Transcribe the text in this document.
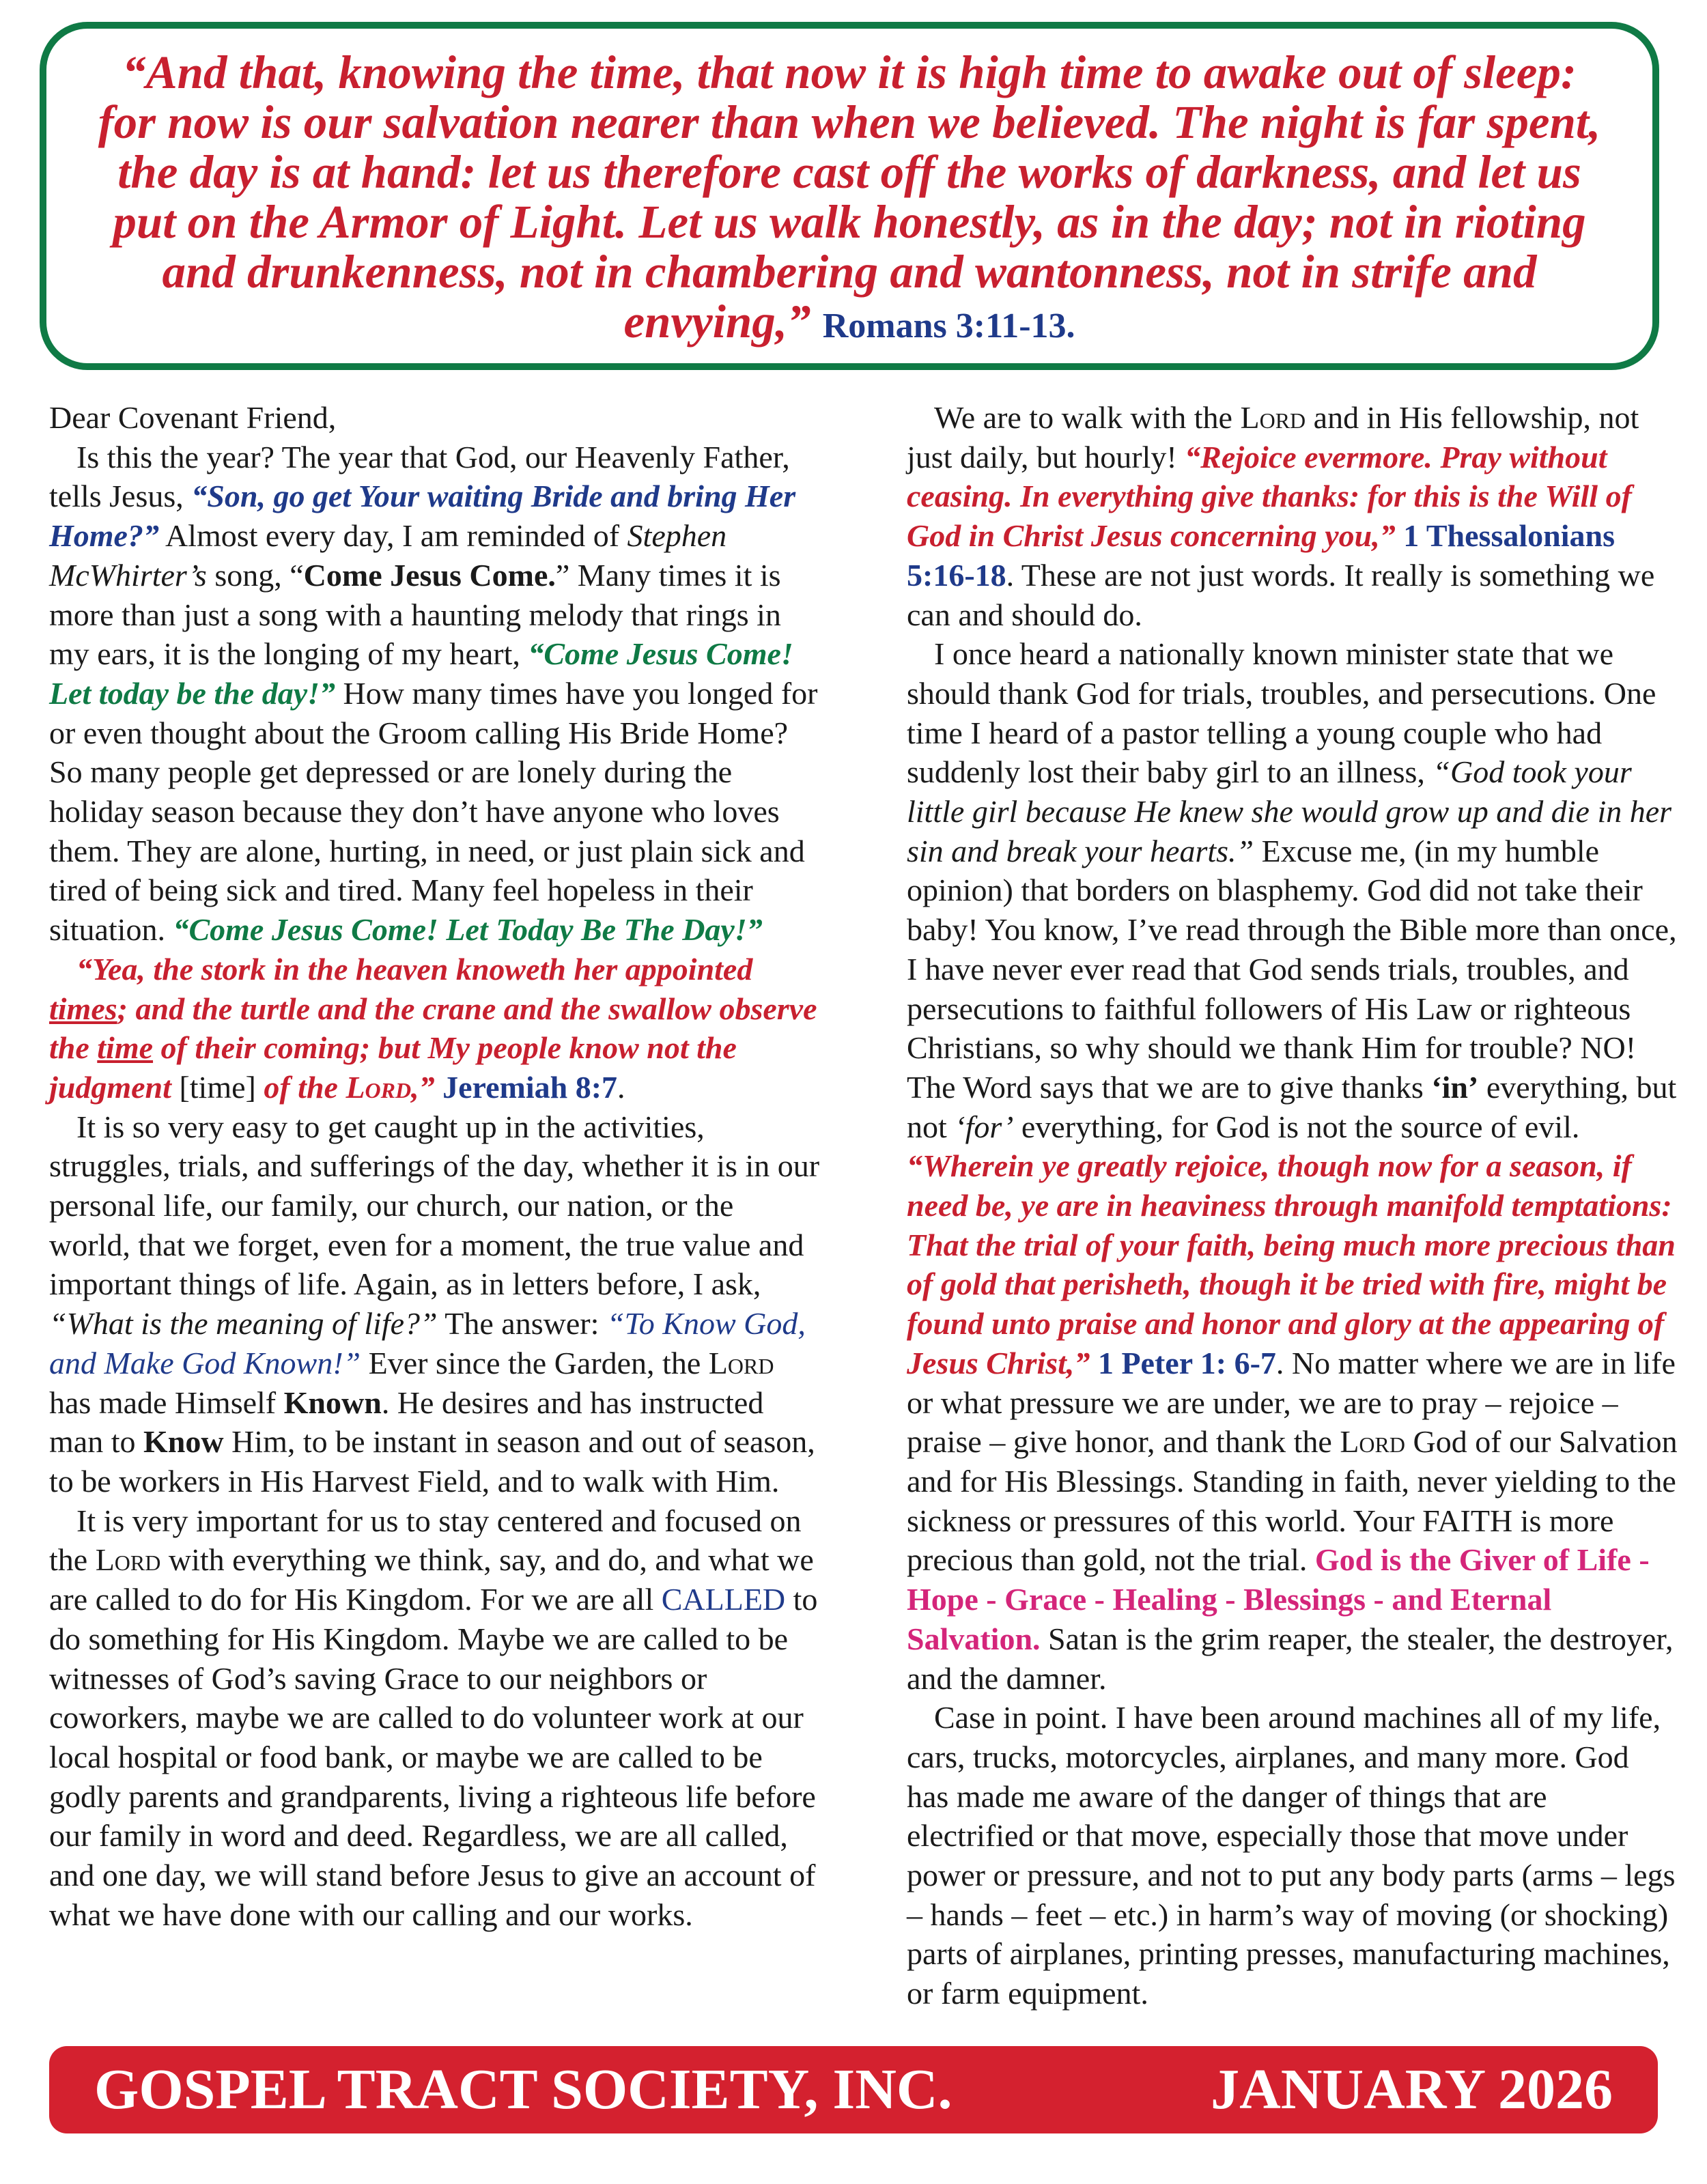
“And that, knowing the time, that now it is high time to awake out of sleep: for now is our salvation nearer than when we believed. The night is far spent, the day is at hand: let us therefore cast off the works of darkness, and let us put on the Armor of Light. Let us walk honestly, as in the day; not in rioting and drunkenness, not in chambering and wantonness, not in strife and envying,” Romans 3:11-13.

Dear Covenant Friend,

Is this the year? The year that God, our Heavenly Father, tells Jesus, “Son, go get Your waiting Bride and bring Her Home?” Almost every day, I am reminded of Stephen McWhirter’s song, “Come Jesus Come.” Many times it is more than just a song with a haunting melody that rings in my ears, it is the longing of my heart, “Come Jesus Come! Let today be the day!” How many times have you longed for or even thought about the Groom calling His Bride Home? So many people get depressed or are lonely during the holiday season because they don’t have anyone who loves them. They are alone, hurting, in need, or just plain sick and tired of being sick and tired. Many feel hopeless in their situation. “Come Jesus Come! Let Today Be The Day!”

“Yea, the stork in the heaven knoweth her appointed times; and the turtle and the crane and the swallow observe the time of their coming; but My people know not the judgment [time] of the Lord,” Jeremiah 8:7.

It is so very easy to get caught up in the activities, struggles, trials, and sufferings of the day, whether it is in our personal life, our family, our church, our nation, or the world, that we forget, even for a moment, the true value and important things of life. Again, as in letters before, I ask, “What is the meaning of life?” The answer: “To Know God, and Make God Known!” Ever since the Garden, the Lord has made Himself Known. He desires and has instructed man to Know Him, to be instant in season and out of season, to be workers in His Harvest Field, and to walk with Him.

It is very important for us to stay centered and focused on the Lord with everything we think, say, and do, and what we are called to do for His Kingdom. For we are all CALLED to do something for His Kingdom. Maybe we are called to be witnesses of God’s saving Grace to our neighbors or coworkers, maybe we are called to do volunteer work at our local hospital or food bank, or maybe we are called to be godly parents and grandparents, living a righteous life before our family in word and deed. Regardless, we are all called, and one day, we will stand before Jesus to give an account of what we have done with our calling and our works.

We are to walk with the Lord and in His fellowship, not just daily, but hourly! “Rejoice evermore. Pray without ceasing. In everything give thanks: for this is the Will of God in Christ Jesus concerning you,” 1 Thessalonians 5:16-18. These are not just words. It really is something we can and should do.

I once heard a nationally known minister state that we should thank God for trials, troubles, and persecutions. One time I heard of a pastor telling a young couple who had suddenly lost their baby girl to an illness, “God took your little girl because He knew she would grow up and die in her sin and break your hearts.” Excuse me, (in my humble opinion) that borders on blasphemy. God did not take their baby! You know, I’ve read through the Bible more than once, I have never ever read that God sends trials, troubles, and persecutions to faithful followers of His Law or righteous Christians, so why should we thank Him for trouble? NO! The Word says that we are to give thanks ‘in’ everything, but not ‘for’ everything, for God is not the source of evil. “Wherein ye greatly rejoice, though now for a season, if need be, ye are in heaviness through manifold temptations: That the trial of your faith, being much more precious than of gold that perisheth, though it be tried with fire, might be found unto praise and honor and glory at the appearing of Jesus Christ,” 1 Peter 1: 6-7. No matter where we are in life or what pressure we are under, we are to pray – rejoice – praise – give honor, and thank the Lord God of our Salvation and for His Blessings. Standing in faith, never yielding to the sickness or pressures of this world. Your FAITH is more precious than gold, not the trial. God is the Giver of Life - Hope - Grace - Healing - Blessings - and Eternal Salvation. Satan is the grim reaper, the stealer, the destroyer, and the damner.

Case in point. I have been around machines all of my life, cars, trucks, motorcycles, airplanes, and many more. God has made me aware of the danger of things that are electrified or that move, especially those that move under power or pressure, and not to put any body parts (arms – legs – hands – feet – etc.) in harm’s way of moving (or shocking) parts of airplanes, printing presses, manufacturing machines, or farm equipment.

GOSPEL TRACT SOCIETY, INC.	JANUARY 2026
